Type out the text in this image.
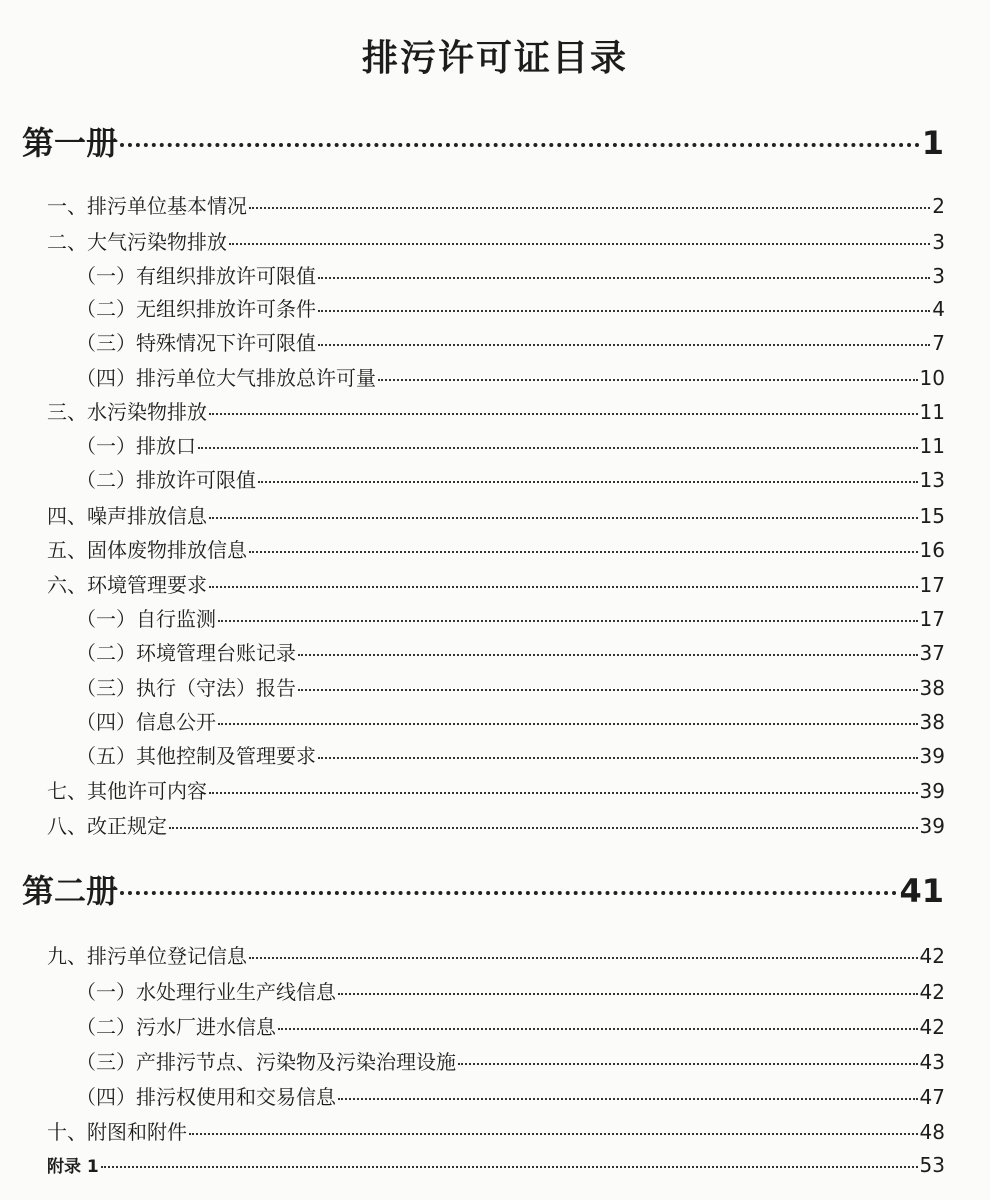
排污许可证目录
第一册	1
一、排污单位基本情况	2
二、大气污染物排放	3
（一）有组织排放许可限值	3
（二）无组织排放许可条件	4
（三）特殊情况下许可限值	7
（四）排污单位大气排放总许可量	10
三、水污染物排放	11
（一）排放口	11
（二）排放许可限值	13
四、噪声排放信息	15
五、固体废物排放信息	16
六、环境管理要求	17
（一）自行监测	17
（二）环境管理台账记录	37
（三）执行（守法）报告	38
（四）信息公开	38
（五）其他控制及管理要求	39
七、其他许可内容	39
八、改正规定	39
第二册	41
九、排污单位登记信息	42
（一）水处理行业生产线信息	42
（二）污水厂进水信息	42
（三）产排污节点、污染物及污染治理设施	43
（四）排污权使用和交易信息	47
十、附图和附件	48
附录 1	53
